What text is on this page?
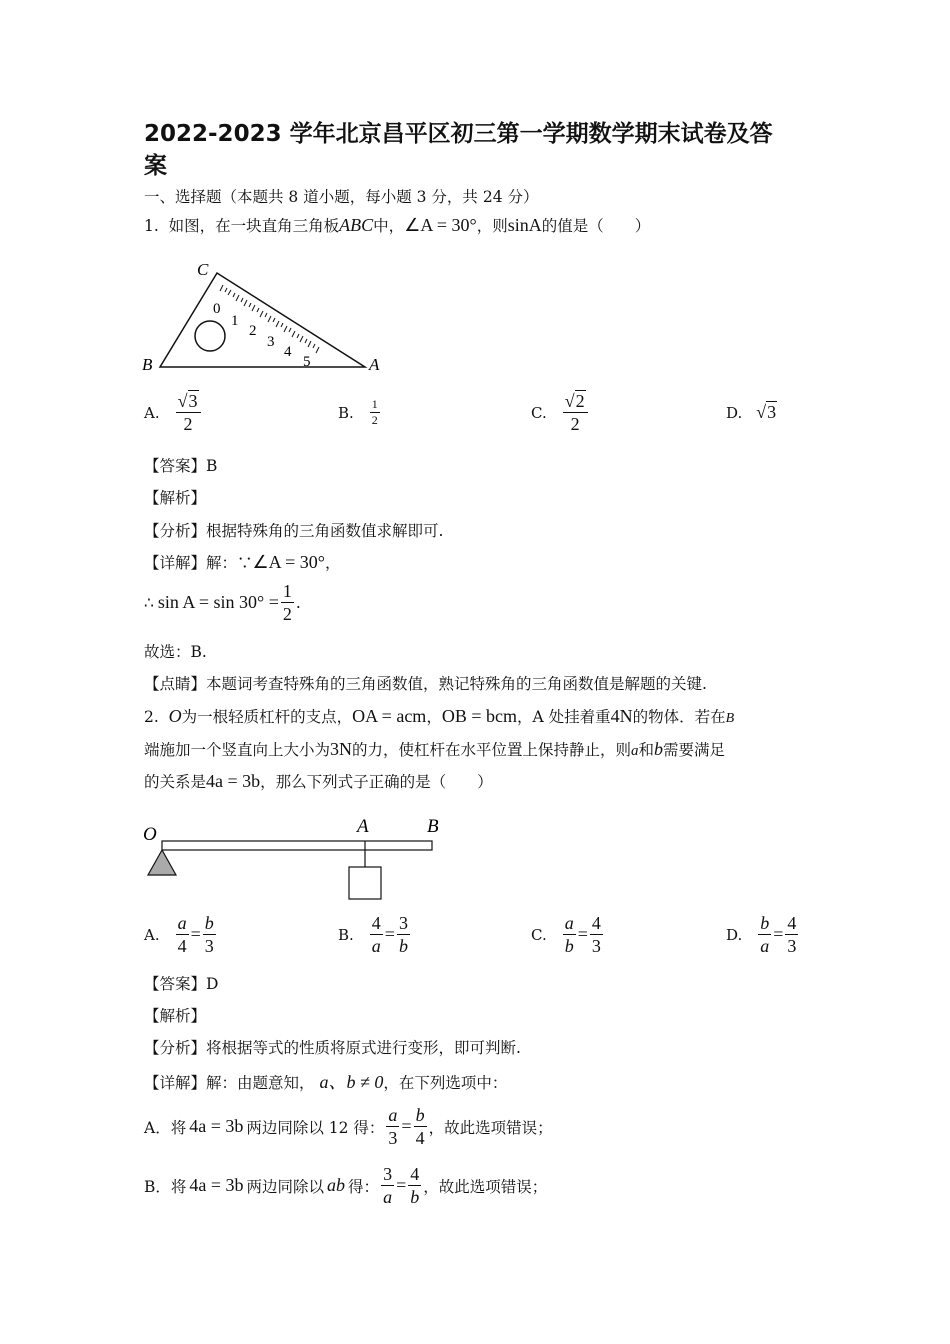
2022-2023 学年北京昌平区初三第一学期数学期末试卷及答
案
一、选择题（本题共 8 道小题，每小题 3 分，共 24 分）
1. 如图，在一块直角三角板ABC中，∠A = 30°，则sinA的值是（　　）
C
B	A
0
1
2
3
4
5
A. $\frac{√3}{2}$	B. $\frac{1}{2}$	C. $\frac{√2}{2}$	D. √3
【答案】B
【解析】
【分析】根据特殊角的三角函数值求解即可.
【详解】解：∵∠A = 30°，
∴ $\sin A = \sin 30^\circ = \frac{1}{2}$ .
故选：B.
【点睛】本题词考查特殊角的三角函数值，熟记特殊角的三角函数值是解题的关键.
2. O为一根轻质杠杆的支点，OA = acm，OB = bcm，A 处挂着重4N的物体．若在B
端施加一个竖直向上大小为3N的力，使杠杆在水平位置上保持静止，则a和b需要满足
的关系是4a = 3b，那么下列式子正确的是（　　）
O	A	B
A. $\frac{a}{4} = \frac{b}{3}$	B. $\frac{4}{a} = \frac{3}{b}$	C. $\frac{a}{b} = \frac{4}{3}$	D. $\frac{b}{a} = \frac{4}{3}$
【答案】D
【解析】
【分析】将根据等式的性质将原式进行变形，即可判断.
【详解】解：由题意知， a、b ≠ 0，在下列选项中：
A．将 4a = 3b 两边同除以 12 得： $\frac{a}{3} = \frac{b}{4}$ ，故此选项错误；
B．将 4a = 3b 两边同除以 ab 得： $\frac{3}{a} = \frac{4}{b}$ ，故此选项错误；
